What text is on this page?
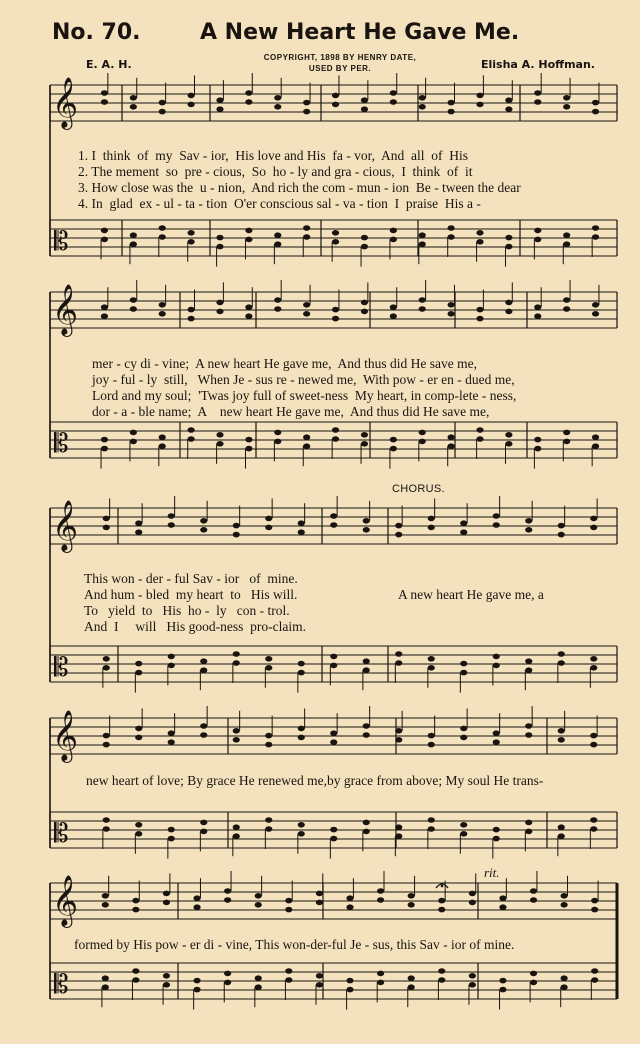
No. 70.	A New Heart He Gave Me.
COPYRIGHT, 1898 BY HENRY DATE,
USED BY PER.
E. A. H.	Elisha A. Hoffman.
𝄞
𝄡
𝄞
𝄡
𝄞
𝄡
𝄞
𝄡
𝄞
𝄡
1. I  think  of  my  Sav - ior,  His love and His  fa - vor,  And  all  of  His
2. The mement  so  pre - cious,  So  ho - ly and gra - cious,  I  think  of  it
3. How close was the  u - nion,  And rich the com - mun - ion  Be - tween the dear
4. In  glad  ex - ul - ta - tion  O'er conscious sal - va - tion  I  praise  His a -
mer - cy di - vine;  A new heart He gave me,  And thus did He save me,
joy - ful - ly  still,   When Je - sus re - newed me,  With pow - er en - dued me,
Lord and my soul;  'Twas joy full of sweet-ness  My heart, in comp-lete - ness,
dor - a - ble name;  A    new heart He gave me,  And thus did He save me,
CHORUS.
This won - der - ful Sav - ior   of  mine.
And hum - bled  my heart  to   His will.
To   yield  to   His  ho -  ly   con - trol.
And  I     will   His good-ness  pro-claim.
A new heart He gave me, a
new heart of love; By grace He renewed me,by grace from above; My soul He trans-
formed by His pow - er di - vine, This won-der-ful Je - sus, this Sav - ior of mine.
rit.
